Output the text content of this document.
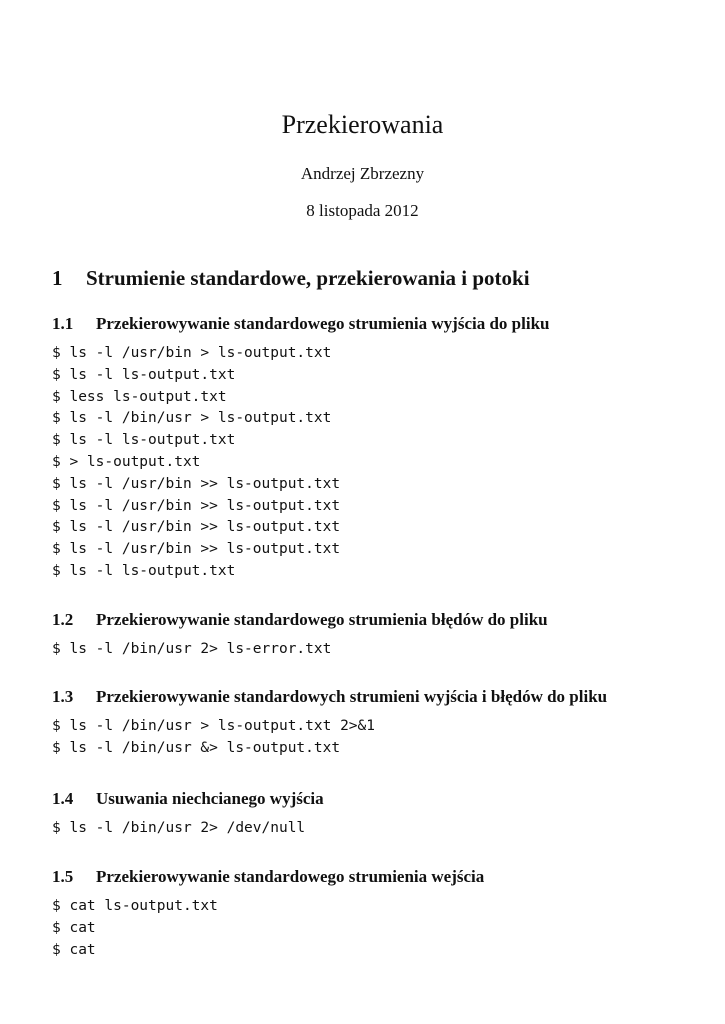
Przekierowania
Andrzej Zbrzezny
8 listopada 2012
1 Strumienie standardowe, przekierowania i potoki
1.1 Przekierowywanie standardowego strumienia wyjścia do pliku
$ ls -l /usr/bin > ls-output.txt
$ ls -l ls-output.txt
$ less ls-output.txt
$ ls -l /bin/usr > ls-output.txt
$ ls -l ls-output.txt
$ > ls-output.txt
$ ls -l /usr/bin >> ls-output.txt
$ ls -l /usr/bin >> ls-output.txt
$ ls -l /usr/bin >> ls-output.txt
$ ls -l /usr/bin >> ls-output.txt
$ ls -l ls-output.txt
1.2 Przekierowywanie standardowego strumienia błędów do pliku
$ ls -l /bin/usr 2> ls-error.txt
1.3 Przekierowywanie standardowych strumieni wyjścia i błędów do pliku
$ ls -l /bin/usr > ls-output.txt 2>&1
$ ls -l /bin/usr &> ls-output.txt
1.4 Usuwania niechcianego wyjścia
$ ls -l /bin/usr 2> /dev/null
1.5 Przekierowywanie standardowego strumienia wejścia
$ cat ls-output.txt
$ cat
$ cat
